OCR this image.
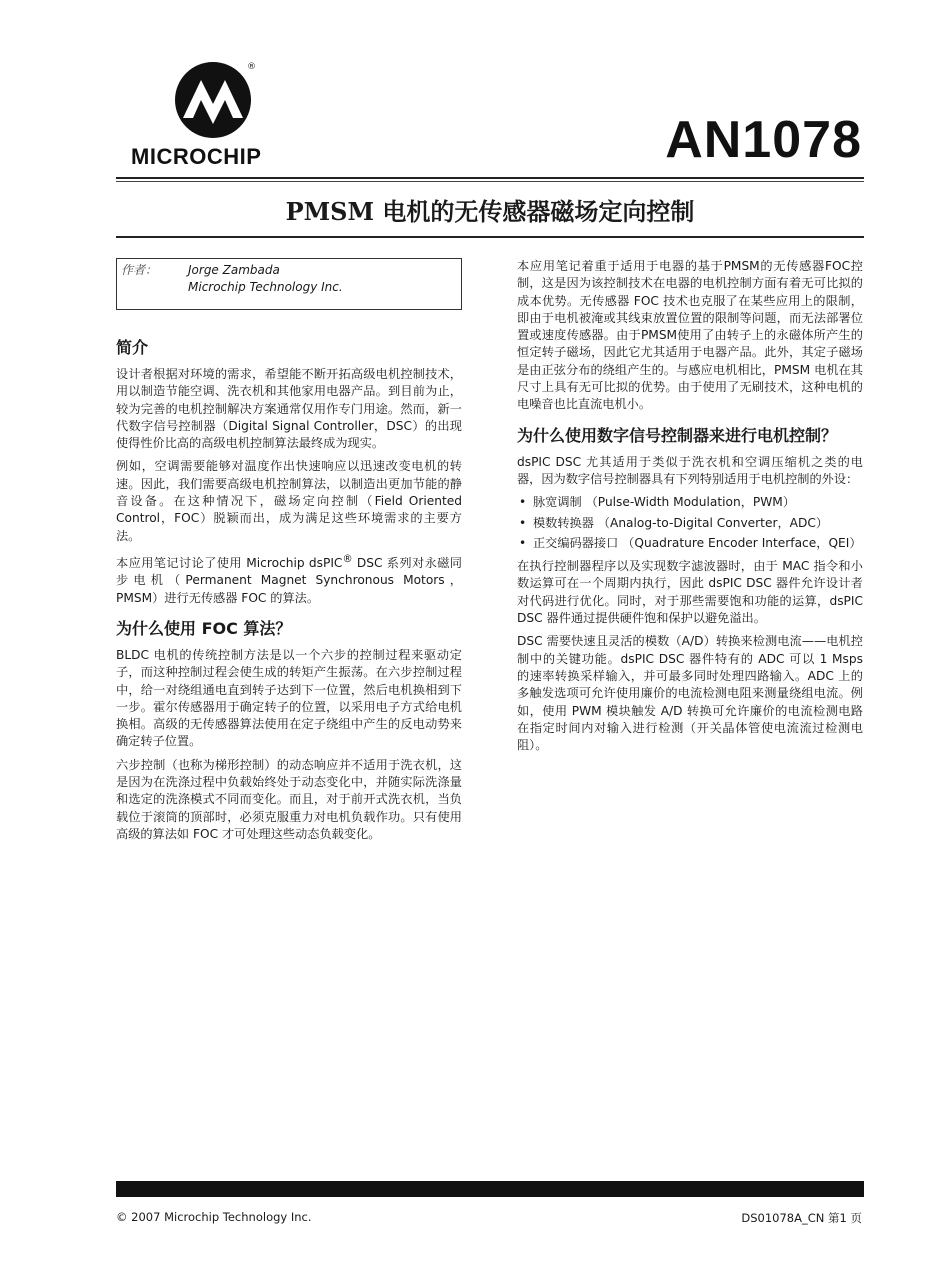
®
MICROCHIP	AN1078
PMSM 电机的无传感器磁场定向控制
作者：	Jorge Zambada
Microchip Technology Inc.
简介

设计者根据对环境的需求，希望能不断开拓高级电机控制技术，用以制造节能空调、洗衣机和其他家用电器产品。到目前为止，较为完善的电机控制解决方案通常仅用作专门用途。然而，新一代数字信号控制器（Digital Signal Controller，DSC）的出现使得性价比高的高级电机控制算法最终成为现实。

例如，空调需要能够对温度作出快速响应以迅速改变电机的转速。因此，我们需要高级电机控制算法，以制造出更加节能的静音设备。在这种情况下，磁场定向控制（Field Oriented Control，FOC）脱颖而出，成为满足这些环境需求的主要方法。

本应用笔记讨论了使用 Microchip dsPIC® DSC 系列对永磁同步电机（Permanent Magnet Synchronous Motors，PMSM）进行无传感器 FOC 的算法。

为什么使用 FOC 算法？

BLDC 电机的传统控制方法是以一个六步的控制过程来驱动定子，而这种控制过程会使生成的转矩产生振荡。在六步控制过程中，给一对绕组通电直到转子达到下一位置，然后电机换相到下一步。霍尔传感器用于确定转子的位置，以采用电子方式给电机换相。高级的无传感器算法使用在定子绕组中产生的反电动势来确定转子位置。

六步控制（也称为梯形控制）的动态响应并不适用于洗衣机，这是因为在洗涤过程中负载始终处于动态变化中，并随实际洗涤量和选定的洗涤模式不同而变化。而且，对于前开式洗衣机，当负载位于滚筒的顶部时，必须克服重力对电机负载作功。只有使用高级的算法如 FOC 才可处理这些动态负载变化。

本应用笔记着重于适用于电器的基于PMSM的无传感器FOC控制，这是因为该控制技术在电器的电机控制方面有着无可比拟的成本优势。无传感器 FOC 技术也克服了在某些应用上的限制，即由于电机被淹或其线束放置位置的限制等问题，而无法部署位置或速度传感器。由于PMSM使用了由转子上的永磁体所产生的恒定转子磁场，因此它尤其适用于电器产品。此外，其定子磁场是由正弦分布的绕组产生的。与感应电机相比，PMSM 电机在其尺寸上具有无可比拟的优势。由于使用了无刷技术，这种电机的电噪音也比直流电机小。

为什么使用数字信号控制器来进行电机控制？

dsPIC DSC 尤其适用于类似于洗衣机和空调压缩机之类的电器，因为数字信号控制器具有下列特别适用于电机控制的外设：

• 脉宽调制 （Pulse-Width Modulation，PWM）
• 模数转换器 （Analog-to-Digital Converter，ADC）
• 正交编码器接口 （Quadrature Encoder Interface，QEI）

在执行控制器程序以及实现数字滤波器时，由于 MAC 指令和小数运算可在一个周期内执行，因此 dsPIC DSC 器件允许设计者对代码进行优化。同时，对于那些需要饱和功能的运算，dsPIC DSC 器件通过提供硬件饱和保护以避免溢出。

DSC 需要快速且灵活的模数（A/D）转换来检测电流——电机控制中的关键功能。dsPIC DSC 器件特有的 ADC 可以 1 Msps 的速率转换采样输入，并可最多同时处理四路输入。ADC 上的多触发选项可允许使用廉价的电流检测电阻来测量绕组电流。例如，使用 PWM 模块触发 A/D 转换可允许廉价的电流检测电路在指定时间内对输入进行检测（开关晶体管使电流流过检测电阻）。

© 2007 Microchip Technology Inc.	DS01078A_CN 第1 页
